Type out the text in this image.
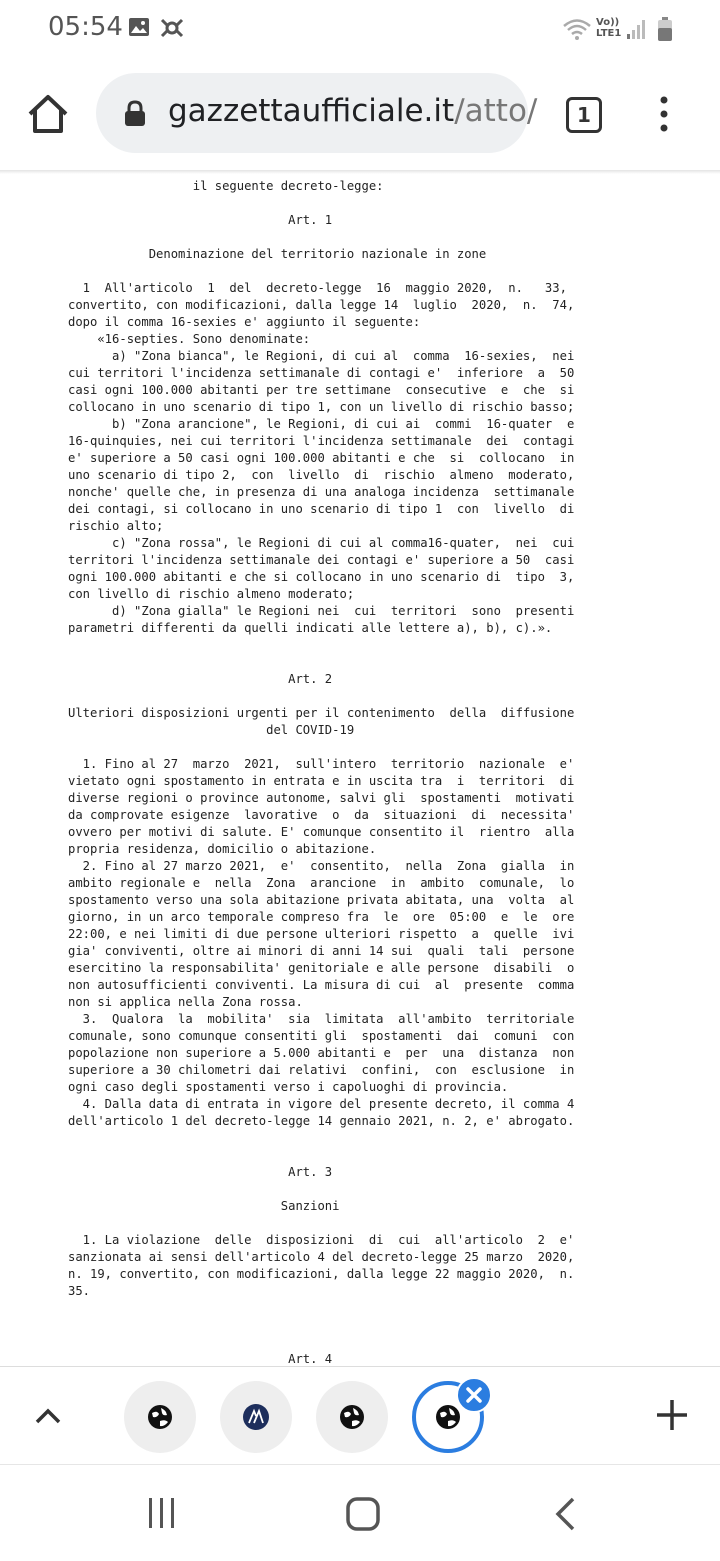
05:54	Vo)) LTE1
gazzettaufficiale.it/atto/	1
il seguente decreto-legge:

Art. 1

Denominazione del territorio nazionale in zone

1  All'articolo  1  del  decreto-legge  16  maggio 2020,  n.   33,
convertito, con modificazioni, dalla legge 14  luglio  2020,  n.  74,
dopo il comma 16-sexies e' aggiunto il seguente:
«16-septies. Sono denominate:
a) "Zona bianca", le Regioni, di cui al  comma  16-sexies,  nei
cui territori l'incidenza settimanale di contagi e'  inferiore  a  50
casi ogni 100.000 abitanti per tre settimane  consecutive  e  che  si
collocano in uno scenario di tipo 1, con un livello di rischio basso;
b) "Zona arancione", le Regioni, di cui ai  commi  16-quater  e
16-quinquies, nei cui territori l'incidenza settimanale  dei  contagi
e' superiore a 50 casi ogni 100.000 abitanti e che  si  collocano  in
uno scenario di tipo 2,  con  livello  di  rischio  almeno  moderato,
nonche' quelle che, in presenza di una analoga incidenza  settimanale
dei contagi, si collocano in uno scenario di tipo 1  con  livello  di
rischio alto;
c) "Zona rossa", le Regioni di cui al comma16-quater,  nei  cui
territori l'incidenza settimanale dei contagi e' superiore a 50  casi
ogni 100.000 abitanti e che si collocano in uno scenario di  tipo  3,
con livello di rischio almeno moderato;
d) "Zona gialla" le Regioni nei  cui  territori  sono  presenti
parametri differenti da quelli indicati alle lettere a), b), c).».

Art. 2

Ulteriori disposizioni urgenti per il contenimento  della  diffusione
del COVID-19

1. Fino al 27  marzo  2021,  sull'intero  territorio  nazionale  e'
vietato ogni spostamento in entrata e in uscita tra  i  territori  di
diverse regioni o province autonome, salvi gli  spostamenti  motivati
da comprovate esigenze  lavorative  o  da  situazioni  di  necessita'
ovvero per motivi di salute. E' comunque consentito il  rientro  alla
propria residenza, domicilio o abitazione.
2. Fino al 27 marzo 2021,  e'  consentito,  nella  Zona  gialla  in
ambito regionale e  nella  Zona  arancione  in  ambito  comunale,  lo
spostamento verso una sola abitazione privata abitata, una  volta  al
giorno, in un arco temporale compreso fra  le  ore  05:00  e  le  ore
22:00, e nei limiti di due persone ulteriori rispetto  a  quelle  ivi
gia' conviventi, oltre ai minori di anni 14 sui  quali  tali  persone
esercitino la responsabilita' genitoriale e alle persone  disabili  o
non autosufficienti conviventi. La misura di cui  al  presente  comma
non si applica nella Zona rossa.
3.  Qualora  la  mobilita'  sia  limitata  all'ambito  territoriale
comunale, sono comunque consentiti gli  spostamenti  dai  comuni  con
popolazione non superiore a 5.000 abitanti e  per  una  distanza  non
superiore a 30 chilometri dai relativi  confini,  con  esclusione  in
ogni caso degli spostamenti verso i capoluoghi di provincia.
4. Dalla data di entrata in vigore del presente decreto, il comma 4
dell'articolo 1 del decreto-legge 14 gennaio 2021, n. 2, e' abrogato.

Art. 3

Sanzioni

1. La violazione  delle  disposizioni  di  cui  all'articolo  2  e'
sanzionata ai sensi dell'articolo 4 del decreto-legge 25 marzo  2020,
n. 19, convertito, con modificazioni, dalla legge 22 maggio 2020,  n.
35.

Art. 4
